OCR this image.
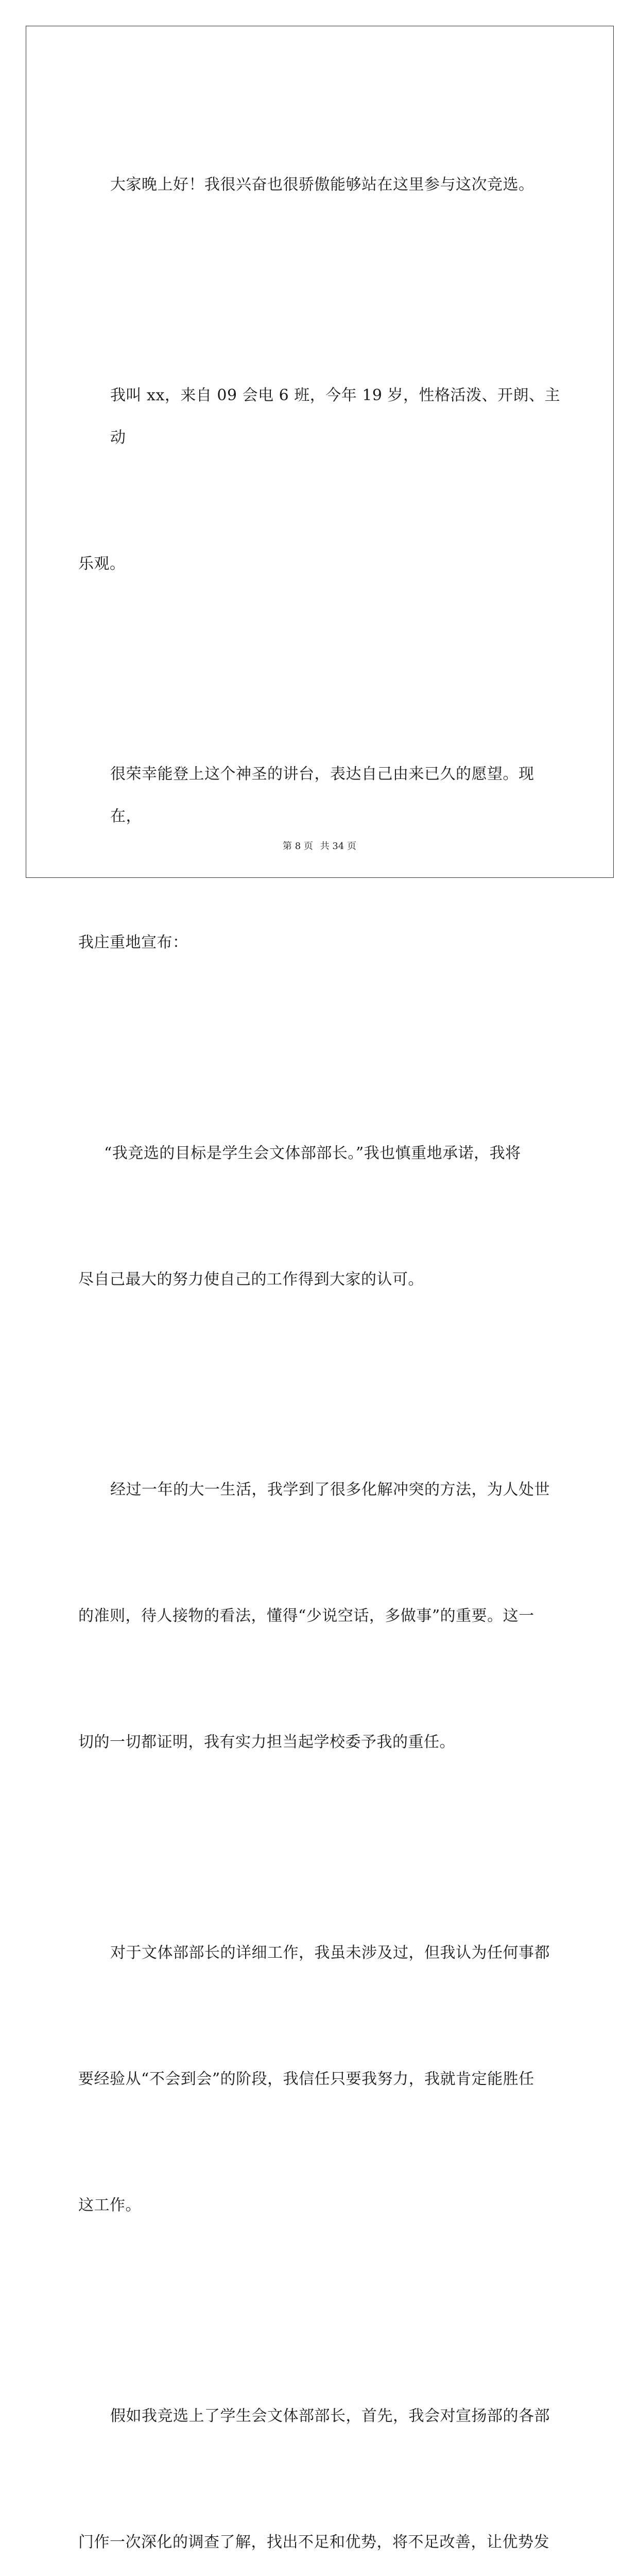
大家晚上好！我很兴奋也很骄傲能够站在这里参与这次竞选。

我叫 xx，来自 09 会电 6 班，今年 19 岁，性格活泼、开朗、主动

乐观。

很荣幸能登上这个神圣的讲台，表达自己由来已久的愿望。现在，

我庄重地宣布：

“我竞选的目标是学生会文体部部长。”我也慎重地承诺，我将

尽自己最大的努力使自己的工作得到大家的认可。

经过一年的大一生活，我学到了很多化解冲突的方法，为人处世

的准则，待人接物的看法，懂得“少说空话，多做事”的重要。这一

切的一切都证明，我有实力担当起学校委予我的重任。

对于文体部部长的详细工作，我虽未涉及过，但我认为任何事都

要经验从“不会到会”的阶段，我信任只要我努力，我就肯定能胜任

这工作。

假如我竞选上了学生会文体部部长，首先，我会对宣扬部的各部

门作一次深化的调查了解，找出不足和优势，将不足改善，让优势发

第 8 页 共 34 页
